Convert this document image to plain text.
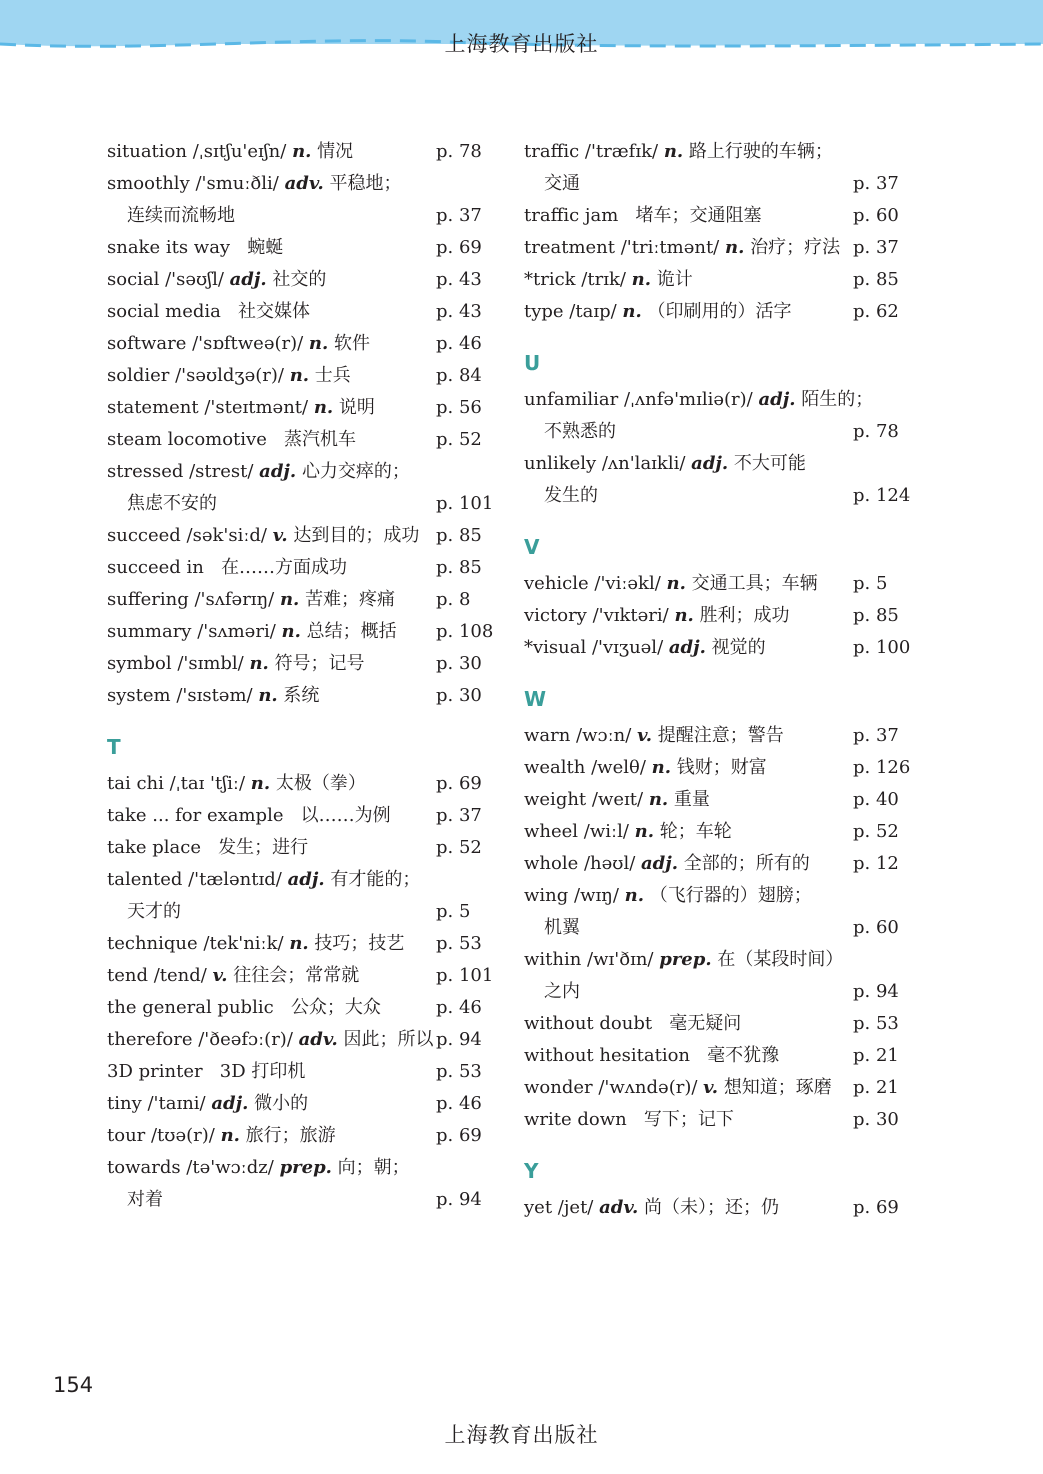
上海教育出版社
situation /ˌsɪtʃu'eɪʃn/ n. 情况	p. 78
smoothly /'smuːðli/ adv. 平稳地；
连续而流畅地	p. 37
snake its way 蜿蜒	p. 69
social /'səʊʃl/ adj. 社交的	p. 43
social media 社交媒体	p. 43
software /'sɒftweə(r)/ n. 软件	p. 46
soldier /'səʊldʒə(r)/ n. 士兵	p. 84
statement /'steɪtmənt/ n. 说明	p. 56
steam locomotive 蒸汽机车	p. 52
stressed /strest/ adj. 心力交瘁的；
焦虑不安的	p. 101
succeed /sək'siːd/ v. 达到目的；成功 p. 85
succeed in 在……方面成功	p. 85
suffering /'sʌfərɪŋ/ n. 苦难；疼痛 p. 8
summary /'sʌməri/ n. 总结；概括 p. 108
symbol /'sɪmbl/ n. 符号；记号	p. 30
system /'sɪstəm/ n. 系统	p. 30
T
tai chi /ˌtaɪ 'tʃiː/ n. 太极（拳）	p. 69
take ... for example 以……为例	p. 37
take place 发生；进行	p. 52
talented /'tæləntɪd/ adj. 有才能的；
天才的	p. 5
technique /tek'niːk/ n. 技巧；技艺 p. 53
tend /tend/ v. 往往会；常常就	p. 101
the general public 公众；大众	p. 46
therefore /'ðeəfɔː(r)/ adv. 因此；所以 p. 94
3D printer 3D 打印机	p. 53
tiny /'taɪni/ adj. 微小的	p. 46
tour /tʊə(r)/ n. 旅行；旅游	p. 69
towards /tə'wɔːdz/ prep. 向；朝；
对着	p. 94
traffic /'træfɪk/ n. 路上行驶的车辆；
交通	p. 37
traffic jam 堵车；交通阻塞	p. 60
treatment /'triːtmənt/ n. 治疗；疗法 p. 37
*trick /trɪk/ n. 诡计	p. 85
type /taɪp/ n. （印刷用的）活字	p. 62
U
unfamiliar /ˌʌnfə'mɪliə(r)/ adj. 陌生的；
不熟悉的	p. 78
unlikely /ʌn'laɪkli/ adj. 不大可能
发生的	p. 124
V
vehicle /'viːəkl/ n. 交通工具；车辆 p. 5
victory /'vɪktəri/ n. 胜利；成功	p. 85
*visual /'vɪʒuəl/ adj. 视觉的	p. 100
W
warn /wɔːn/ v. 提醒注意；警告	p. 37
wealth /welθ/ n. 钱财；财富	p. 126
weight /weɪt/ n. 重量	p. 40
wheel /wiːl/ n. 轮；车轮	p. 52
whole /həʊl/ adj. 全部的；所有的 p. 12
wing /wɪŋ/ n. （飞行器的）翅膀；
机翼	p. 60
within /wɪ'ðɪn/ prep. 在（某段时间）
之内	p. 94
without doubt 毫无疑问	p. 53
without hesitation 毫不犹豫	p. 21
wonder /'wʌndə(r)/ v. 想知道；琢磨 p. 21
write down 写下；记下	p. 30
Y
yet /jet/ adv. 尚（未）；还；仍	p. 69
154
上海教育出版社
